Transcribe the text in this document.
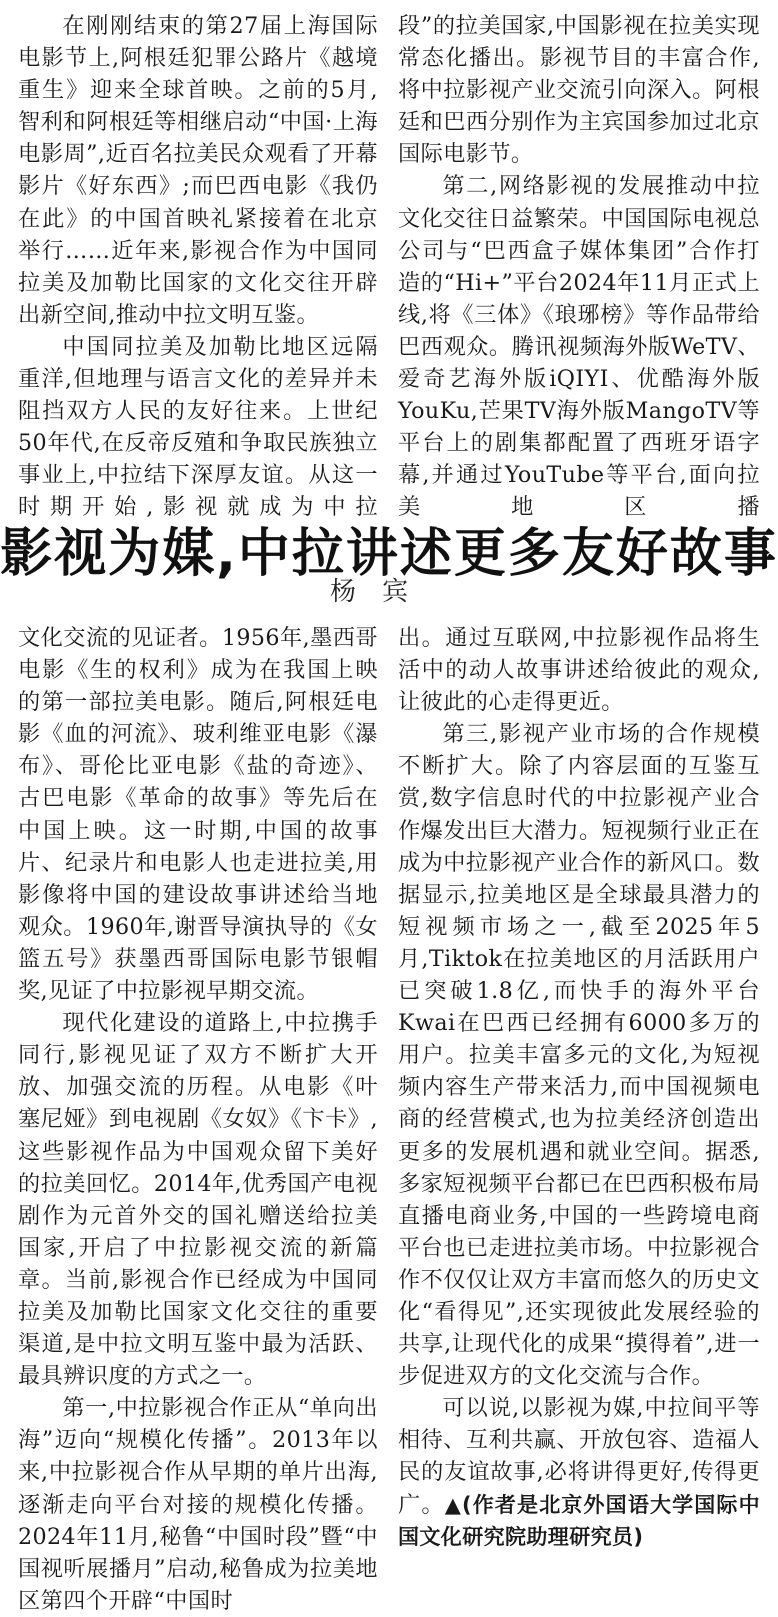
在刚刚结束的第27届上海国际电影节上,阿根廷犯罪公路片《越境重生》迎来全球首映。之前的5月,智利和阿根廷等相继启动“中国·上海电影周”,近百名拉美民众观看了开幕影片《好东西》;而巴西电影《我仍在此》的中国首映礼紧接着在北京举行……近年来,影视合作为中国同拉美及加勒比国家的文化交往开辟出新空间,推动中拉文明互鉴。

中国同拉美及加勒比地区远隔重洋,但地理与语言文化的差异并未阻挡双方人民的友好往来。上世纪50年代,在反帝反殖和争取民族独立事业上,中拉结下深厚友谊。从这一时期开始,影视就成为中拉

段”的拉美国家,中国影视在拉美实现常态化播出。影视节目的丰富合作,将中拉影视产业交流引向深入。阿根廷和巴西分别作为主宾国参加过北京国际电影节。

第二,网络影视的发展推动中拉文化交往日益繁荣。中国国际电视总公司与“巴西盒子媒体集团”合作打造的“Hi+”平台2024年11月正式上线,将《三体》《琅琊榜》等作品带给巴西观众。腾讯视频海外版WeTV、爱奇艺海外版iQIYI、优酷海外版YouKu,芒果TV海外版MangoTV等平台上的剧集都配置了西班牙语字幕,并通过YouTube等平台,面向拉美地区播

影视为媒,中拉讲述更多友好故事
杨宾

文化交流的见证者。1956年,墨西哥电影《生的权利》成为在我国上映的第一部拉美电影。随后,阿根廷电影《血的河流》、玻利维亚电影《瀑布》、哥伦比亚电影《盐的奇迹》、古巴电影《革命的故事》等先后在中国上映。这一时期,中国的故事片、纪录片和电影人也走进拉美,用影像将中国的建设故事讲述给当地观众。1960年,谢晋导演执导的《女篮五号》获墨西哥国际电影节银帽奖,见证了中拉影视早期交流。

现代化建设的道路上,中拉携手同行,影视见证了双方不断扩大开放、加强交流的历程。从电影《叶塞尼娅》到电视剧《女奴》《卞卡》,这些影视作品为中国观众留下美好的拉美回忆。2014年,优秀国产电视剧作为元首外交的国礼赠送给拉美国家,开启了中拉影视交流的新篇章。当前,影视合作已经成为中国同拉美及加勒比国家文化交往的重要渠道,是中拉文明互鉴中最为活跃、最具辨识度的方式之一。

第一,中拉影视合作正从“单向出海”迈向“规模化传播”。2013年以来,中拉影视合作从早期的单片出海,逐渐走向平台对接的规模化传播。2024年11月,秘鲁“中国时段”暨“中国视听展播月”启动,秘鲁成为拉美地区第四个开辟“中国时

出。通过互联网,中拉影视作品将生活中的动人故事讲述给彼此的观众,让彼此的心走得更近。

第三,影视产业市场的合作规模不断扩大。除了内容层面的互鉴互赏,数字信息时代的中拉影视产业合作爆发出巨大潜力。短视频行业正在成为中拉影视产业合作的新风口。数据显示,拉美地区是全球最具潜力的短视频市场之一,截至2025年5月,Tiktok在拉美地区的月活跃用户已突破1.8亿,而快手的海外平台Kwai在巴西已经拥有6000多万的用户。拉美丰富多元的文化,为短视频内容生产带来活力,而中国视频电商的经营模式,也为拉美经济创造出更多的发展机遇和就业空间。据悉,多家短视频平台都已在巴西积极布局直播电商业务,中国的一些跨境电商平台也已走进拉美市场。中拉影视合作不仅仅让双方丰富而悠久的历史文化“看得见”,还实现彼此发展经验的共享,让现代化的成果“摸得着”,进一步促进双方的文化交流与合作。

可以说,以影视为媒,中拉间平等相待、互利共赢、开放包容、造福人民的友谊故事,必将讲得更好,传得更广。▲(作者是北京外国语大学国际中国文化研究院助理研究员)
